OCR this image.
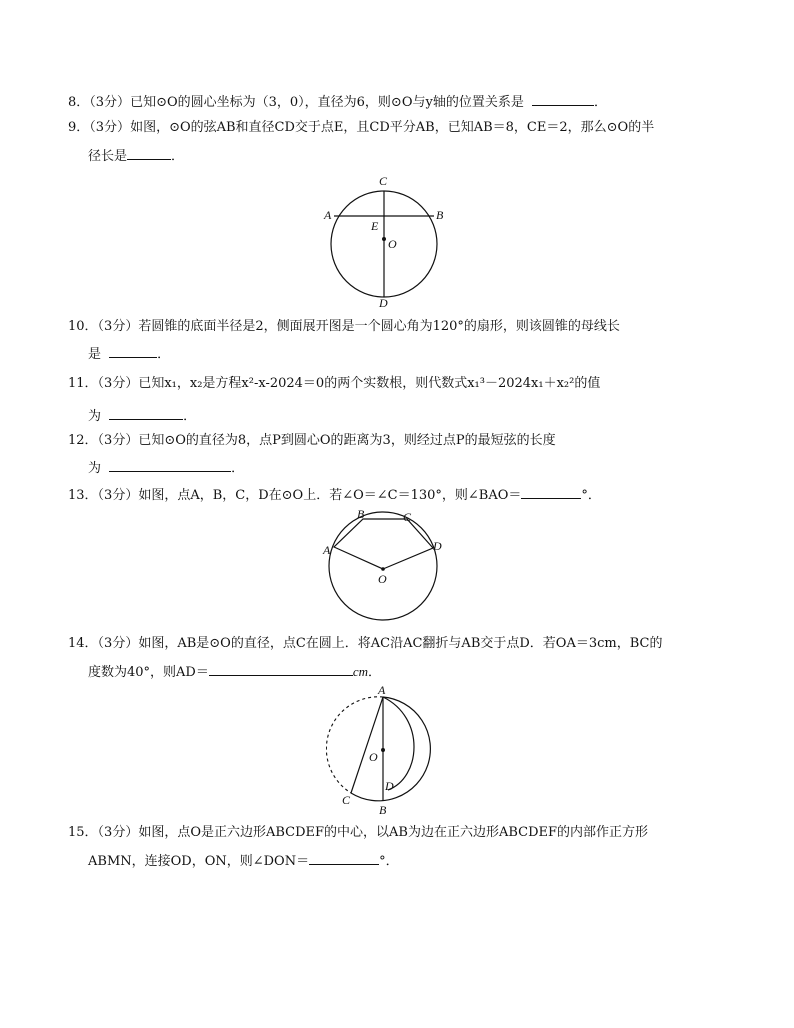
8．（3分）已知⊙O的圆心坐标为（3，0），直径为6，则⊙O与y轴的位置关系是	．
9．（3分）如图，⊙O的弦AB和直径CD交于点E，且CD平分AB，已知AB＝8，CE＝2，那么⊙O的半
径长是	．
C
A	B
E
O
D
10．（3分）若圆锥的底面半径是2，侧面展开图是一个圆心角为120°的扇形，则该圆锥的母线长
是	．
11．（3分）已知x₁，x₂是方程x²-x-2024＝0的两个实数根，则代数式x₁³－2024x₁＋x₂²的值
为	．
12．（3分）已知⊙O的直径为8，点P到圆心O的距离为3，则经过点P的最短弦的长度
为	．
13．（3分）如图，点A，B，C，D在⊙O上．若∠O＝∠C＝130°，则∠BAO＝	°．
B	C
A	D
O
14．（3分）如图，AB是⊙O的直径，点C在圆上．将AC沿AC翻折与AB交于点D．若OA＝3cm，BC的
度数为40°，则AD＝	cm．
A
O
D
C
B
15．（3分）如图，点O是正六边形ABCDEF的中心，以AB为边在正六边形ABCDEF的内部作正方形
ABMN，连接OD，ON，则∠DON＝	°．
